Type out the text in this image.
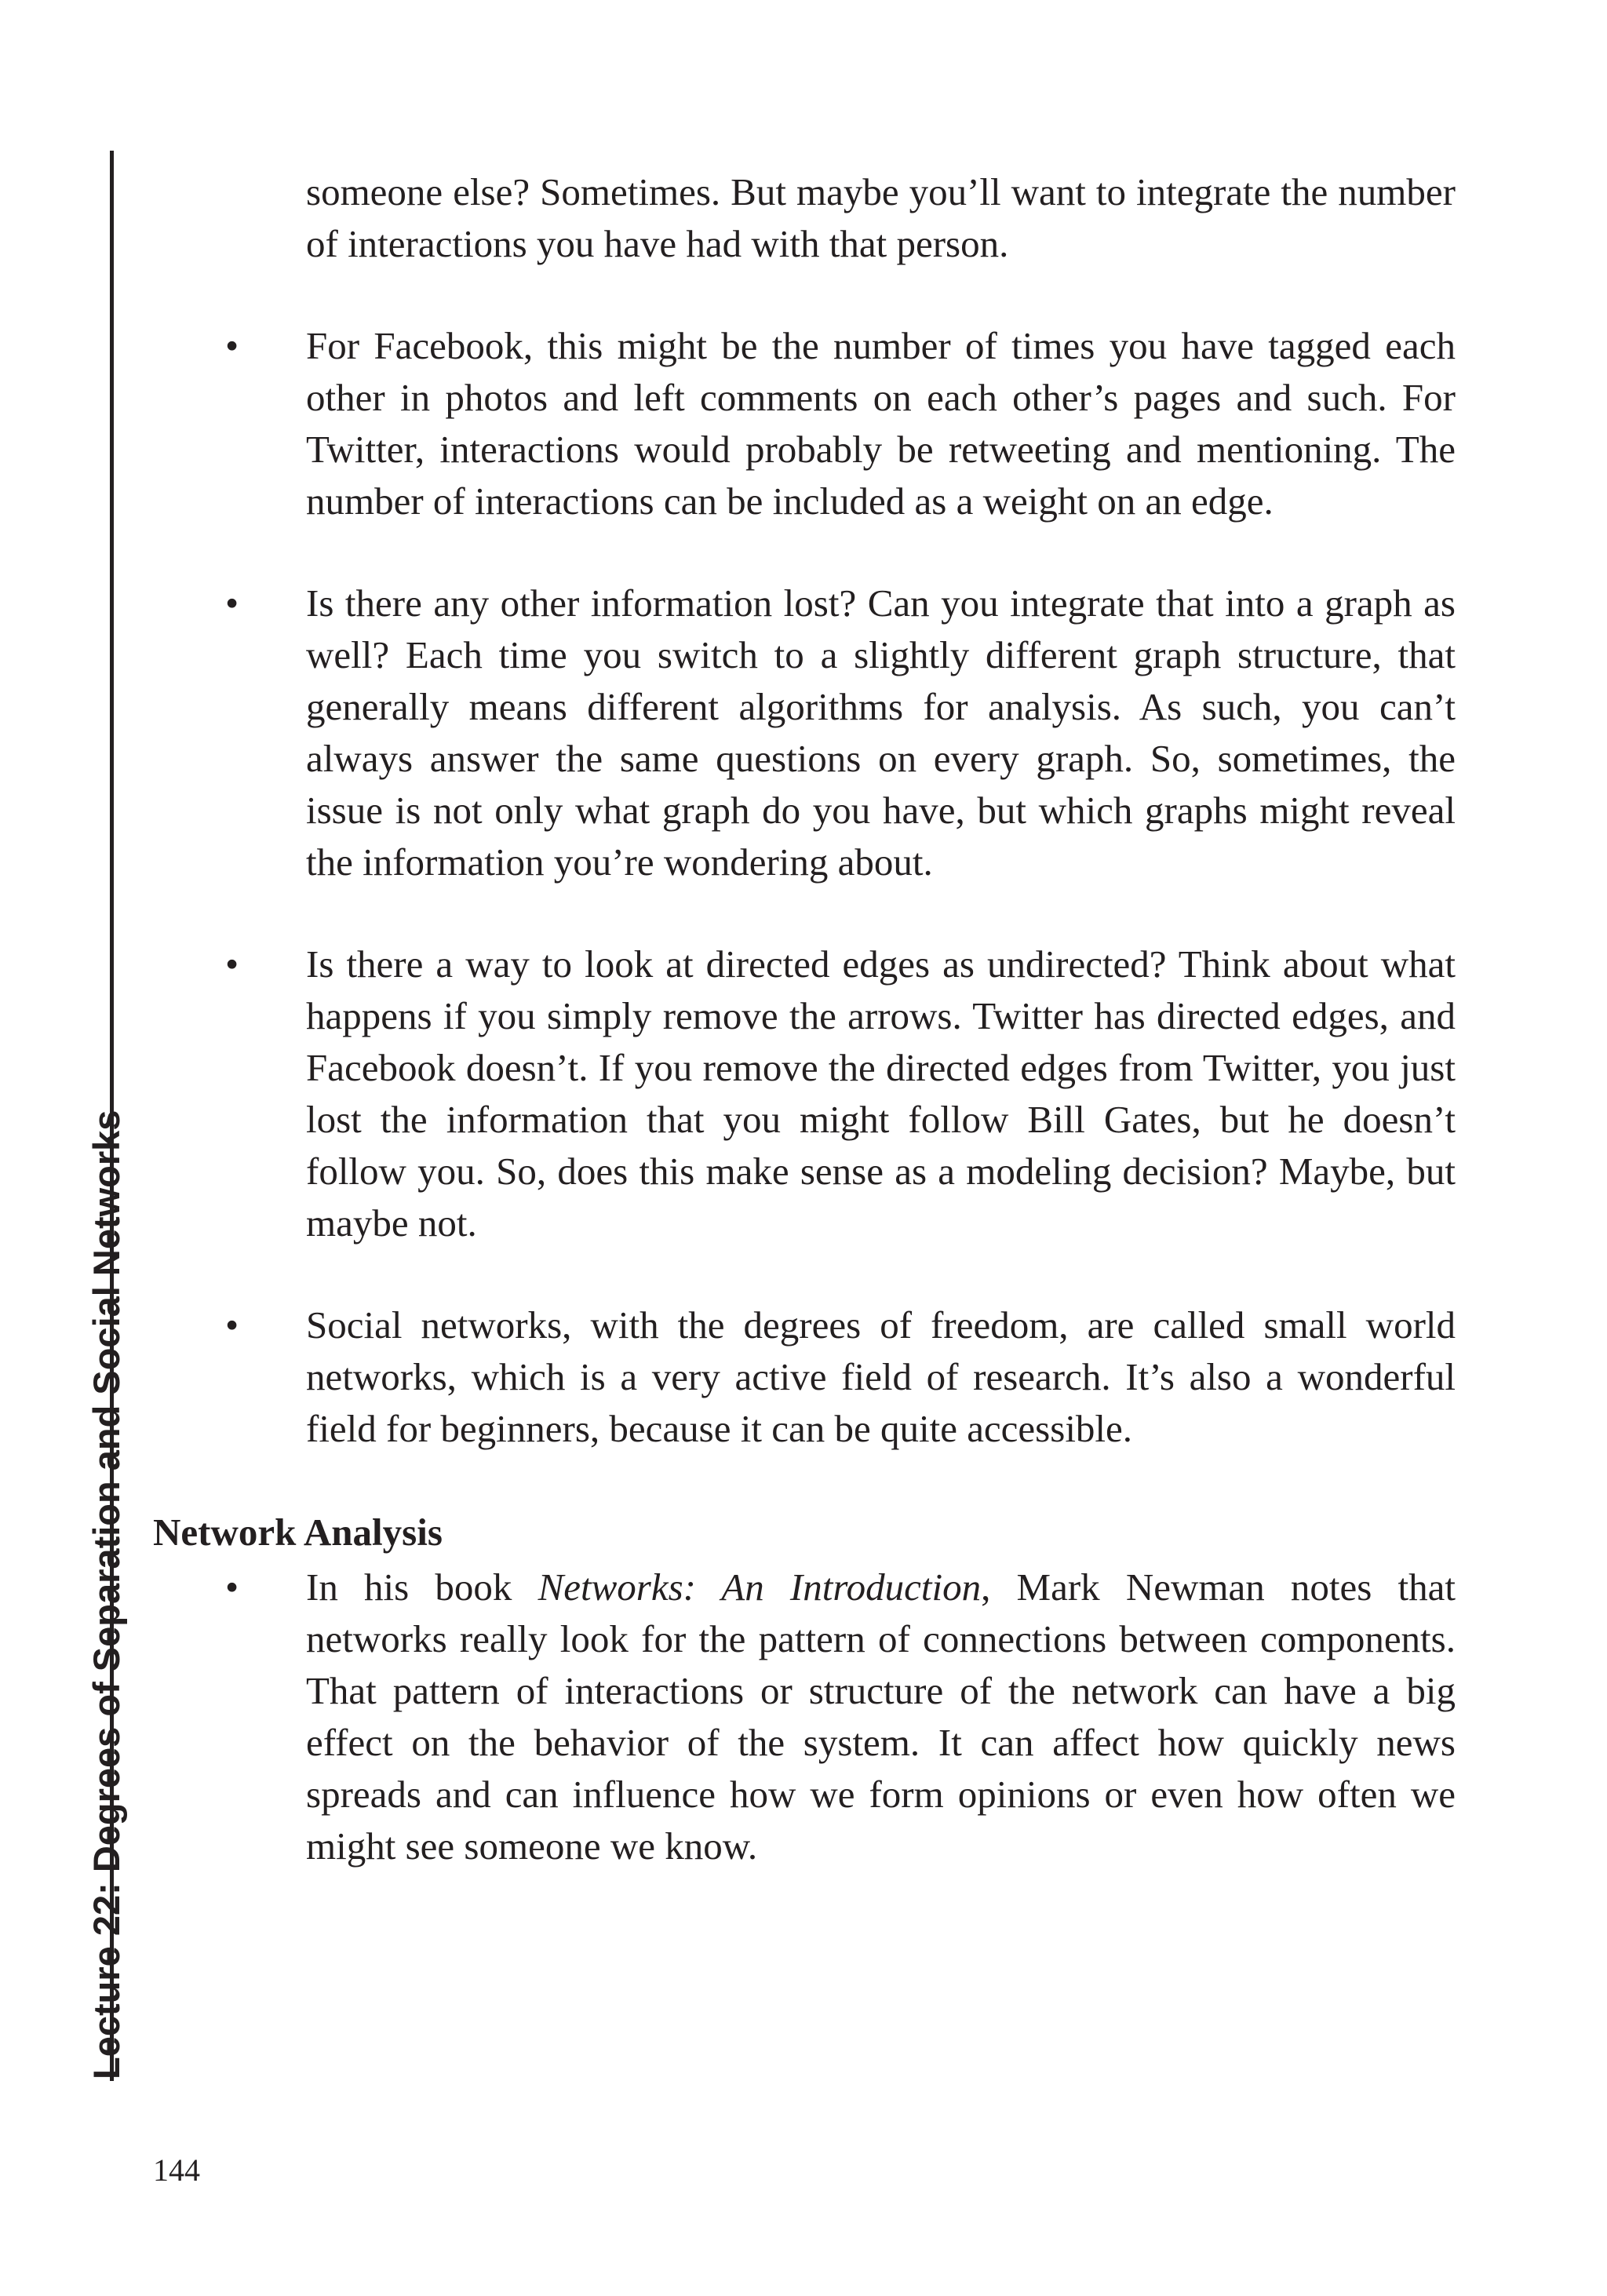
Lecture 22: Degrees of Separation and Social Networks

someone else? Sometimes. But maybe you’ll want to integrate the number of interactions you have had with that person.

• For Facebook, this might be the number of times you have tagged each other in photos and left comments on each other’s pages and such. For Twitter, interactions would probably be retweeting and mentioning. The number of interactions can be included as a weight on an edge.
• Is there any other information lost? Can you integrate that into a graph as well? Each time you switch to a slightly different graph structure, that generally means different algorithms for analysis. As such, you can’t always answer the same questions on every graph. So, sometimes, the issue is not only what graph do you have, but which graphs might reveal the information you’re wondering about.
• Is there a way to look at directed edges as undirected? Think about what happens if you simply remove the arrows. Twitter has directed edges, and Facebook doesn’t. If you remove the directed edges from Twitter, you just lost the information that you might follow Bill Gates, but he doesn’t follow you. So, does this make sense as a modeling decision? Maybe, but maybe not.
• Social networks, with the degrees of freedom, are called small world networks, which is a very active field of research. It’s also a wonderful field for beginners, because it can be quite accessible.
Network Analysis
• In his book Networks: An Introduction, Mark Newman notes that networks really look for the pattern of connections between components. That pattern of interactions or structure of the network can have a big effect on the behavior of the system. It can affect how quickly news spreads and can influence how we form opinions or even how often we might see someone we know.
144
